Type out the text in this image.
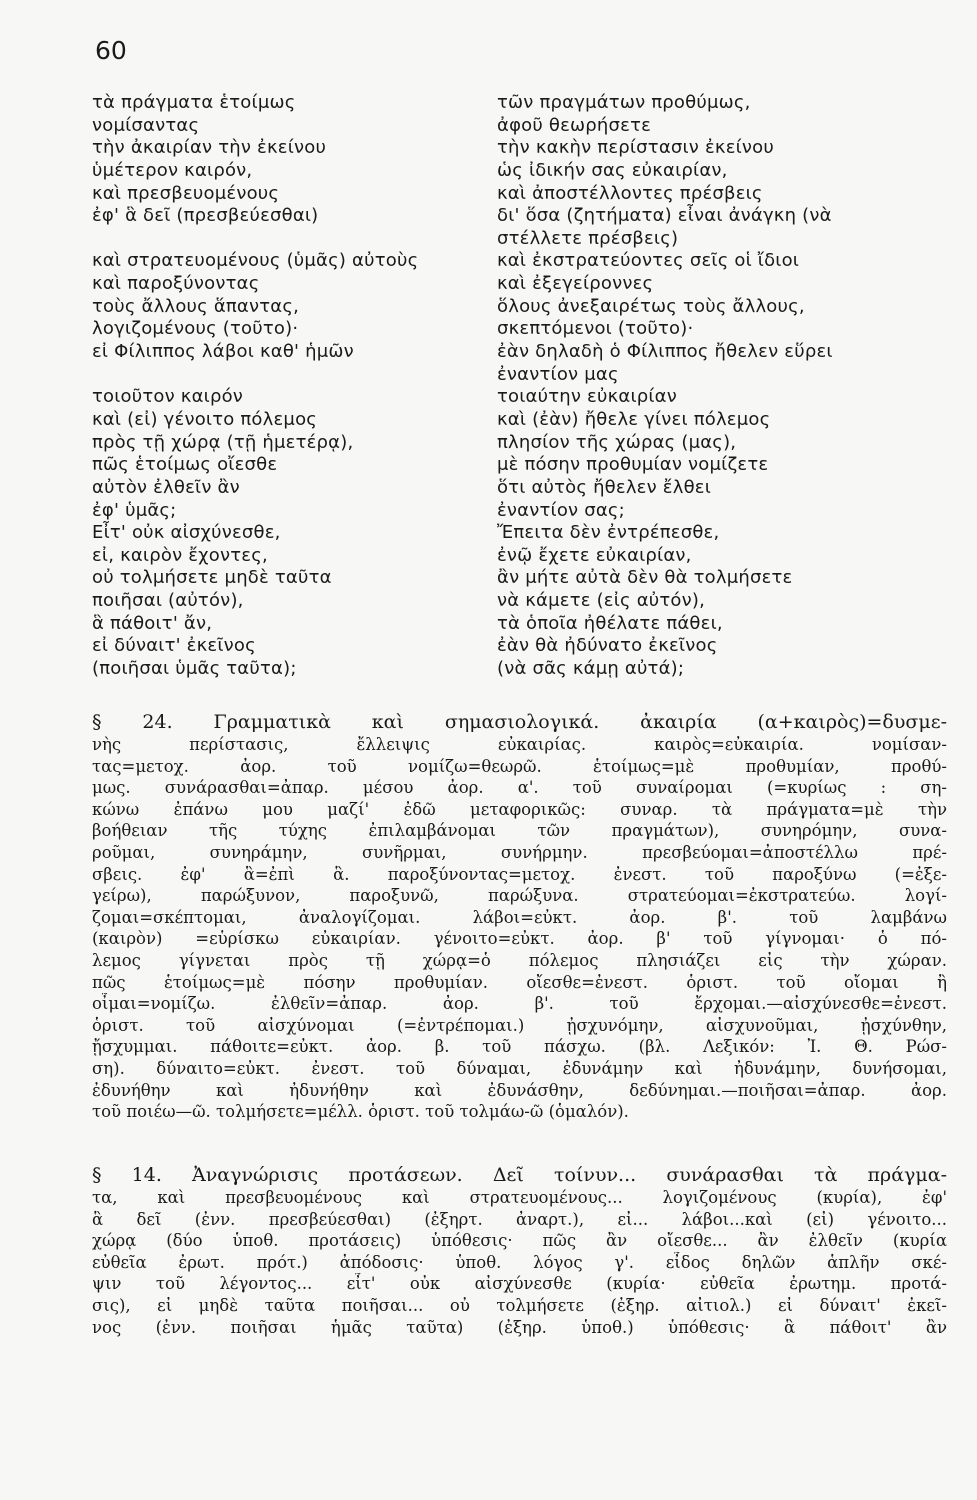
60
τὰ πράγματα ἑτοίμως
νομίσαντας
τὴν ἀκαιρίαν τὴν ἐκείνου
ὑμέτερον καιρόν,
καὶ πρεσβευομένους
ἐφ' ἃ δεῖ (πρεσβεύεσθαι)
καὶ στρατευομένους (ὑμᾶς) αὐτοὺς
καὶ παροξύνοντας
τοὺς ἄλλους ἅπαντας,
λογιζομένους (τοῦτο)·
εἰ Φίλιππος λάβοι καθ' ἡμῶν
τοιοῦτον καιρόν
καὶ (εἰ) γένοιτο πόλεμος
πρὸς τῇ χώρᾳ (τῇ ἡμετέρᾳ),
πῶς ἑτοίμως οἴεσθε
αὐτὸν ἐλθεῖν ἂν
ἐφ' ὑμᾶς;
Εἶτ' οὐκ αἰσχύνεσθε,
εἰ, καιρὸν ἔχοντες,
οὐ τολμήσετε μηδὲ ταῦτα
ποιῆσαι (αὐτόν),
ἃ πάθοιτ' ἄν,
εἰ δύναιτ' ἐκεῖνος
(ποιῆσαι ὑμᾶς ταῦτα);
τῶν πραγμάτων προθύμως,
ἀφοῦ θεωρήσετε
τὴν κακὴν περίστασιν ἐκείνου
ὡς ἰδικήν σας εὐκαιρίαν,
καὶ ἀποστέλλοντες πρέσβεις
δι' ὅσα (ζητήματα) εἶναι ἀνάγκη (νὰ
στέλλετε πρέσβεις)
καὶ ἐκστρατεύοντες σεῖς οἱ ἴδιοι
καὶ ἐξεγείροννες
ὅλους ἀνεξαιρέτως τοὺς ἄλλους,
σκεπτόμενοι (τοῦτο)·
ἐὰν δηλαδὴ ὁ Φίλιππος ἤθελεν εὕρει
ἐναντίον μας
τοιαύτην εὐκαιρίαν
καὶ (ἐὰν) ἤθελε γίνει πόλεμος
πλησίον τῆς χώρας (μας),
μὲ πόσην προθυμίαν νομίζετε
ὅτι αὐτὸς ἤθελεν ἔλθει
ἐναντίον σας;
Ἔπειτα δὲν ἐντρέπεσθε,
ἐνῷ ἔχετε εὐκαιρίαν,
ἂν μήτε αὐτὰ δὲν θὰ τολμήσετε
νὰ κάμετε (εἰς αὐτόν),
τὰ ὁποῖα ἠθέλατε πάθει,
ἐὰν θὰ ἠδύνατο ἐκεῖνος
(νὰ σᾶς κάμῃ αὐτά);
§ 24. Γραμματικὰ καὶ σημασιολογικά. ἀκαιρία (α+καιρὸς)=δυσμε-
νὴς περίστασις, ἔλλειψις εὐκαιρίας. καιρὸς=εὐκαιρία. νομίσαν-
τας=μετοχ. ἀορ. τοῦ νομίζω=θεωρῶ. ἑτοίμως=μὲ προθυμίαν, προθύ-
μως. συνάρασθαι=ἀπαρ. μέσου ἀορ. α'. τοῦ συναίρομαι (=κυρίως : ση-
κώνω ἐπάνω μου μαζί' ἐδῶ μεταφορικῶς: συναρ. τὰ πράγματα=μὲ τὴν
βοήθειαν τῆς τύχης ἐπιλαμβάνομαι τῶν πραγμάτων), συνηρόμην, συνα-
ροῦμαι, συνηράμην, συνῆρμαι, συνήρμην. πρεσβεύομαι=ἀποστέλλω πρέ-
σβεις. ἐφ' ἃ=ἐπὶ ἃ. παροξύνοντας=μετοχ. ἐνεστ. τοῦ παροξύνω (=ἐξε-
γείρω), παρώξυνον, παροξυνῶ, παρώξυνα. στρατεύομαι=ἐκστρατεύω. λογί-
ζομαι=σκέπτομαι, ἀναλογίζομαι. λάβοι=εὐκτ. ἀορ. β'. τοῦ λαμβάνω
(καιρὸν) =εὑρίσκω εὐκαιρίαν. γένοιτο=εὐκτ. ἀορ. β' τοῦ γίγνομαι· ὁ πό-
λεμος γίγνεται πρὸς τῇ χώρᾳ=ὁ πόλεμος πλησιάζει εἰς τὴν χώραν.
πῶς ἑτοίμως=μὲ πόσην προθυμίαν. οἴεσθε=ἐνεστ. ὁριστ. τοῦ οἴομαι ἢ
οἶμαι=νομίζω. ἐλθεῖν=ἀπαρ. ἀορ. β'. τοῦ ἔρχομαι.—αἰσχύνεσθε=ἐνεστ.
ὁριστ. τοῦ αἰσχύνομαι (=ἐντρέπομαι.) ᾐσχυνόμην, αἰσχυνοῦμαι, ᾐσχύνθην,
ᾔσχυμμαι. πάθοιτε=εὐκτ. ἀορ. β. τοῦ πάσχω. (βλ. Λεξικόν: Ἰ. Θ. Ρώσ-
ση). δύναιτο=εὐκτ. ἐνεστ. τοῦ δύναμαι, ἐδυνάμην καὶ ἠδυνάμην, δυνήσομαι,
ἐδυνήθην καὶ ἠδυνήθην καὶ ἐδυνάσθην, δεδύνημαι.—ποιῆσαι=ἀπαρ. ἀορ.
τοῦ ποιέω—ῶ. τολμήσετε=μέλλ. ὁριστ. τοῦ τολμάω-ῶ (ὁμαλόν).
§ 14. Ἀναγνώρισις προτάσεων. Δεῖ τοίνυν... συνάρασθαι τὰ πράγμα-
τα, καὶ πρεσβευομένους καὶ στρατευομένους... λογιζομένους (κυρία), ἐφ'
ἃ δεῖ (ἐνν. πρεσβεύεσθαι) (ἐξηρτ. ἀναρτ.), εἰ... λάβοι...καὶ (εἰ) γένοιτο...
χώρᾳ (δύο ὑποθ. προτάσεις) ὑπόθεσις· πῶς ἂν οἴεσθε... ἂν ἐλθεῖν (κυρία
εὐθεῖα ἐρωτ. πρότ.) ἀπόδοσις· ὑποθ. λόγος γ'. εἶδος δηλῶν ἁπλῆν σκέ-
ψιν τοῦ λέγοντος... εἶτ' οὐκ αἰσχύνεσθε (κυρία· εὐθεῖα ἐρωτημ. προτά-
σις), εἰ μηδὲ ταῦτα ποιῆσαι... οὐ τολμήσετε (ἐξηρ. αἰτιολ.) εἰ δύναιτ' ἐκεῖ-
νος (ἐνν. ποιῆσαι ἡμᾶς ταῦτα) (ἐξηρ. ὑποθ.) ὑπόθεσις· ἃ πάθοιτ' ἂν
